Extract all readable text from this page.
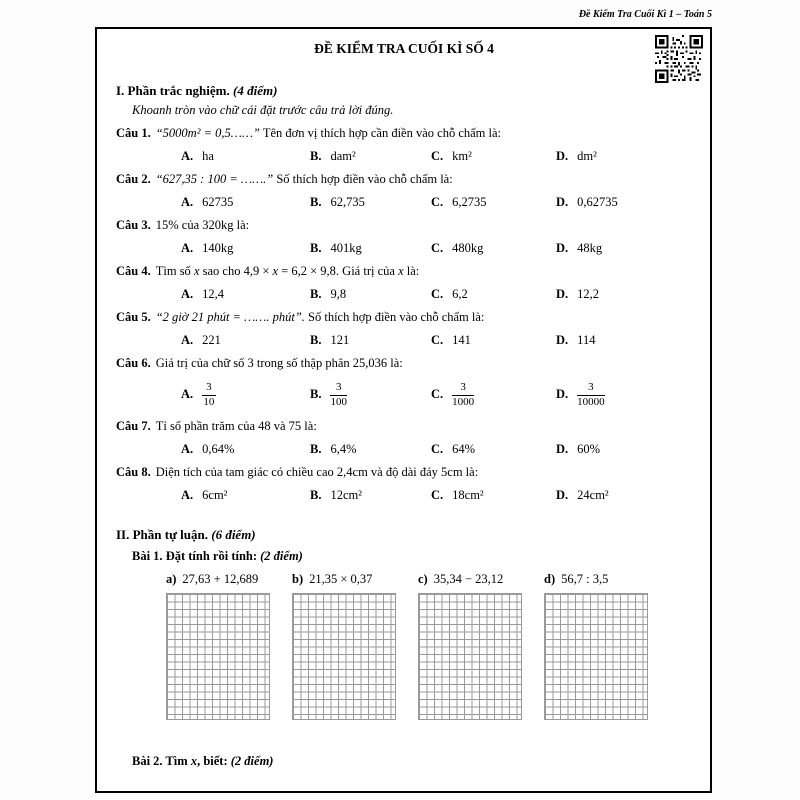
Đề Kiểm Tra Cuối Kì 1 – Toán 5
ĐỀ KIỂM TRA CUỐI KÌ SỐ 4
I. Phần trắc nghiệm. (4 điểm)
Khoanh tròn vào chữ cái đặt trước câu trả lời đúng.
Câu 1. “5000m² = 0,5……” Tên đơn vị thích hợp cần điền vào chỗ chấm là:
A. ha	B. dam²	C. km²	D. dm²
Câu 2. “627,35 : 100 = …….” Số thích hợp điền vào chỗ chấm là:
A. 62735	B. 62,735	C. 6,2735	D. 0,62735
Câu 3. 15% của 320kg là:
A. 140kg	B. 401kg	C. 480kg	D. 48kg
Câu 4. Tìm số x sao cho 4,9 × x = 6,2 × 9,8. Giá trị của x là:
A. 12,4	B. 9,8	C. 6,2	D. 12,2
Câu 5. “2 giờ 21 phút = ……. phút”. Số thích hợp điền vào chỗ chấm là:
A. 221	B. 121	C. 141	D. 114
Câu 6. Giá trị của chữ số 3 trong số thập phân 25,036 là:
A. $\frac{3}{10}$	B. $\frac{3}{100}$	C. $\frac{3}{1000}$	D. $\frac{3}{10000}$
Câu 7. Tỉ số phần trăm của 48 và 75 là:
A. 0,64%	B. 6,4%	C. 64%	D. 60%
Câu 8. Diện tích của tam giác có chiều cao 2,4cm và độ dài đáy 5cm là:
A. 6cm²	B. 12cm²	C. 18cm²	D. 24cm²
II. Phần tự luận. (6 điểm)
Bài 1. Đặt tính rồi tính: (2 điểm)
a) 27,63 + 12,689	b) 21,35 × 0,37	c) 35,34 − 23,12	d) 56,7 : 3,5
Bài 2. Tìm x, biết: (2 điểm)
